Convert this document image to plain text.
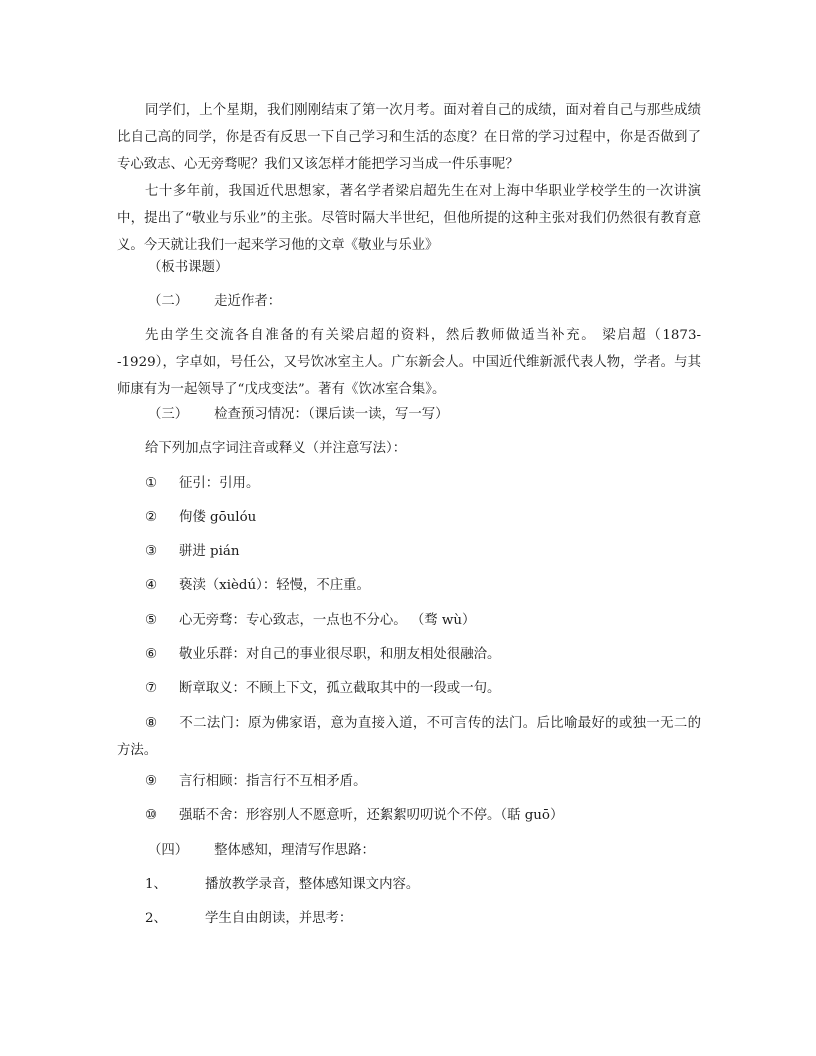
同学们，上个星期，我们刚刚结束了第一次月考。面对着自己的成绩，面对着自己与那些成绩比自己高的同学，你是否有反思一下自己学习和生活的态度？在日常的学习过程中，你是否做到了专心致志、心无旁骛呢？我们又该怎样才能把学习当成一件乐事呢？

七十多年前，我国近代思想家，著名学者梁启超先生在对上海中华职业学校学生的一次讲演中，提出了“敬业与乐业”的主张。尽管时隔大半世纪，但他所提的这种主张对我们仍然很有教育意义。今天就让我们一起来学习他的文章《敬业与乐业》

（板书课题）
（二） 走近作者：

先由学生交流各自准备的有关梁启超的资料，然后教师做适当补充。 梁启超（1873--1929），字卓如，号任公，又号饮冰室主人。广东新会人。中国近代维新派代表人物，学者。与其师康有为一起领导了“戊戌变法”。著有《饮冰室合集》。

（三） 检查预习情况：（课后读一读，写一写）
给下列加点字词注音或释义（并注意写法）：
① 征引：引用。
② 佝偻 gōulóu
③ 骈进 pián
④ 亵渎（xièdú）：轻慢，不庄重。
⑤ 心无旁骛：专心致志，一点也不分心。 （骛 wù）
⑥ 敬业乐群：对自己的事业很尽职，和朋友相处很融洽。
⑦ 断章取义：不顾上下文，孤立截取其中的一段或一句。

⑧ 不二法门：原为佛家语，意为直接入道，不可言传的法门。后比喻最好的或独一无二的方法。

⑨ 言行相顾：指言行不互相矛盾。
⑩ 强聒不舍：形容别人不愿意听，还絮絮叨叨说个不停。（聒 guō）
（四） 整体感知，理清写作思路：
1、	播放教学录音，整体感知课文内容。
2、	学生自由朗读，并思考：
